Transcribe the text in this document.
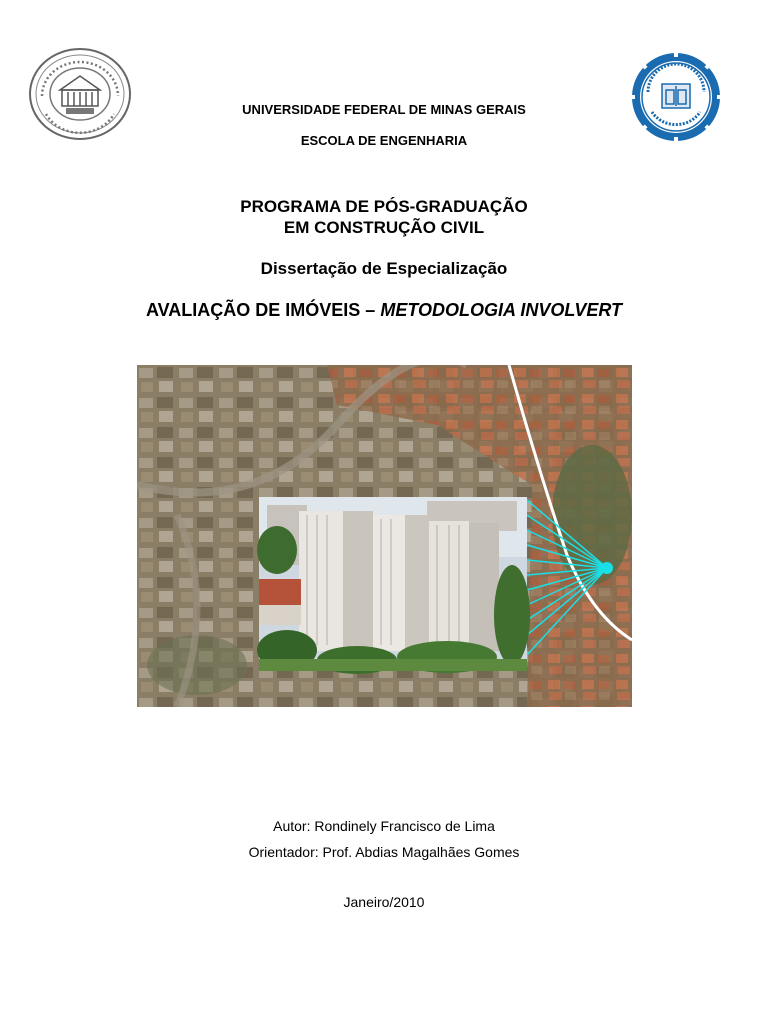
UNIVERSIDADE FEDERAL DE MINAS GERAIS
ESCOLA DE ENGENHARIA
PROGRAMA DE PÓS-GRADUAÇÃO
EM CONSTRUÇÃO CIVIL
Dissertação de Especialização
AVALIAÇÃO DE IMÓVEIS – METODOLOGIA INVOLVERT
Autor: Rondinely Francisco de Lima
Orientador: Prof. Abdias Magalhães Gomes
Janeiro/2010
